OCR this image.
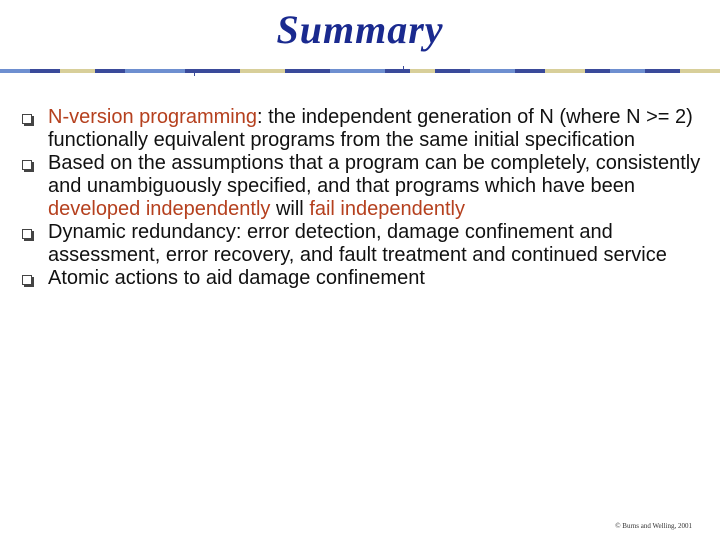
Summary
N-version programming: the independent generation of N (where N >= 2) functionally equivalent programs from the same initial specification
Based on the assumptions that a program can be completely, consistently and unambiguously specified, and that programs which have been developed independently will fail independently
Dynamic redundancy: error detection, damage confinement and assessment, error recovery, and fault treatment and continued service
Atomic actions to aid damage confinement
© Burns and Welling, 2001
